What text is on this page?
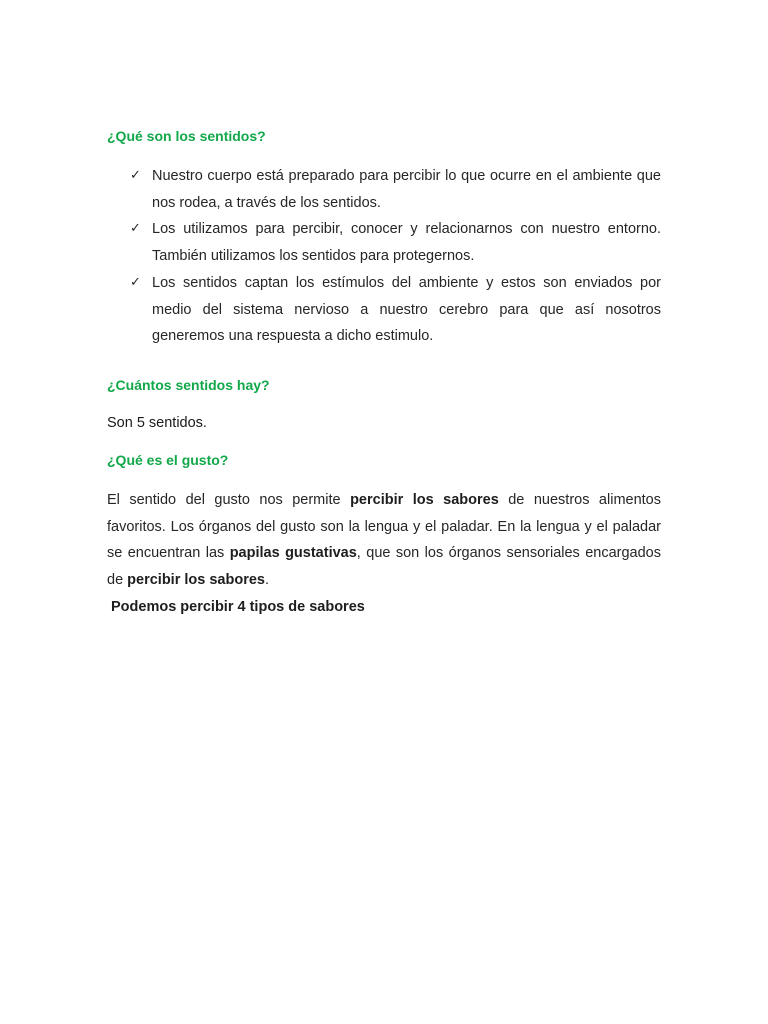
¿Qué son los sentidos?
✓ Nuestro cuerpo está preparado para percibir lo que ocurre en el ambiente que nos rodea, a través de los sentidos.
✓ Los utilizamos para percibir, conocer y relacionarnos con nuestro entorno. También utilizamos los sentidos para protegernos.
✓ Los sentidos captan los estímulos del ambiente y estos son enviados por medio del sistema nervioso a nuestro cerebro para que así nosotros generemos una respuesta a dicho estimulo.
¿Cuántos sentidos hay?

Son 5 sentidos.

¿Qué es el gusto?

El sentido del gusto nos permite percibir los sabores de nuestros alimentos favoritos. Los órganos del gusto son la lengua y el paladar. En la lengua y el paladar se encuentran las papilas gustativas, que son los órganos sensoriales encargados de percibir los sabores.

Podemos percibir 4 tipos de sabores
